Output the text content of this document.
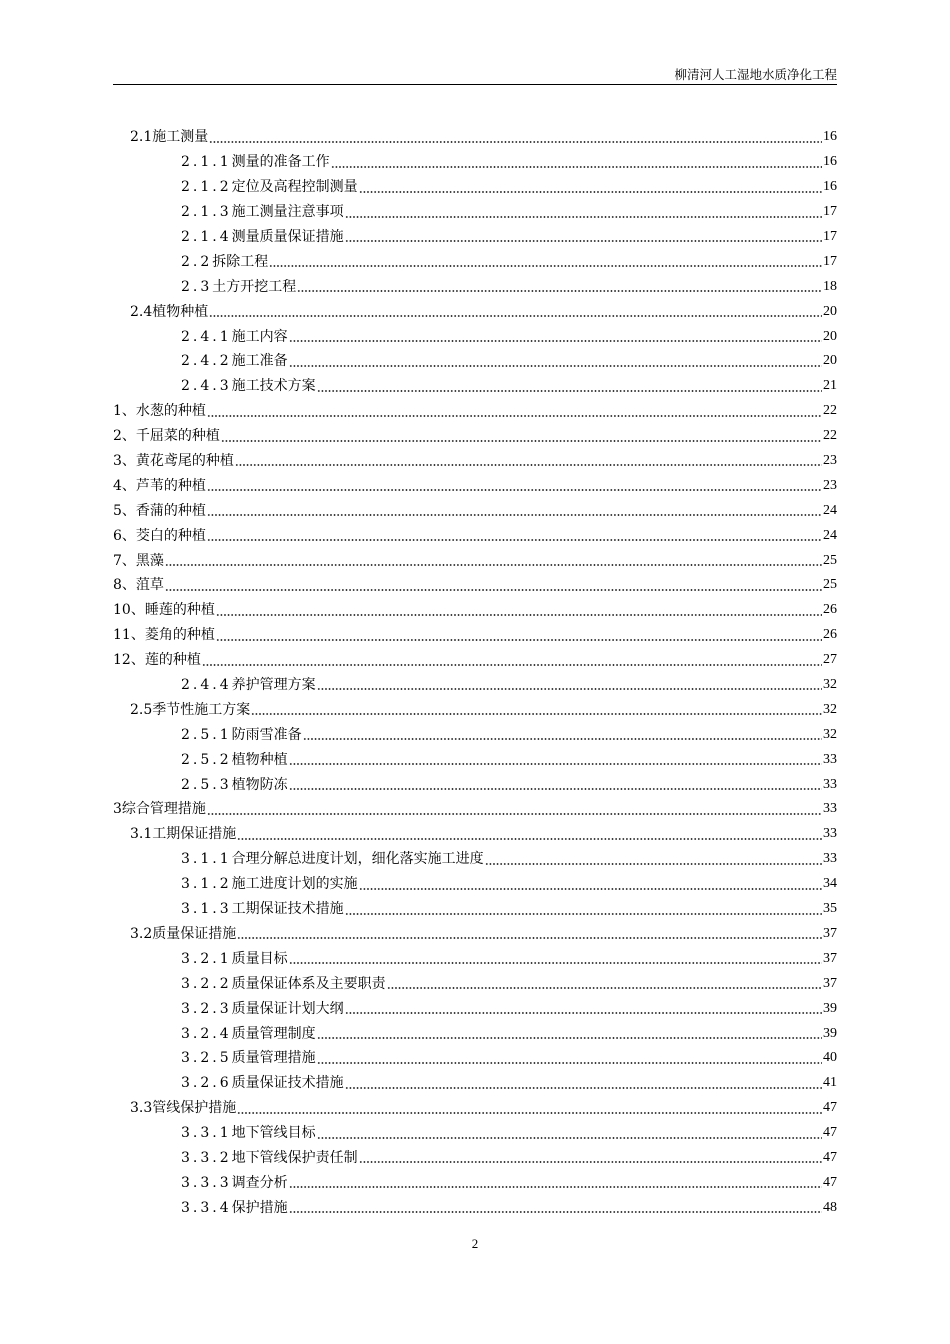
柳清河人工湿地水质净化工程
2.1 施工测量	16
2.1.1 测量的准备工作	16
2.1.2 定位及高程控制测量	16
2.1.3 施工测量注意事项	17
2.1.4 测量质量保证措施	17
2.2 拆除工程	17
2.3 土方开挖工程	18
2.4 植物种植	20
2.4.1 施工内容	20
2.4.2 施工准备	20
2.4.3 施工技术方案	21
1、 水葱的种植	22
2、 千屈菜的种植	22
3、 黄花鸢尾的种植	23
4、 芦苇的种植	23
5、 香蒲的种植	24
6、 茭白的种植	24
7、 黑藻	25
8、 菹草	25
10、 睡莲的种植	26
11、 菱角的种植	26
12、 莲的种植	27
2.4.4 养护管理方案	32
2.5 季节性施工方案	32
2.5.1 防雨雪准备	32
2.5.2 植物种植	33
2.5.3 植物防冻	33
3 综合管理措施	33
3.1 工期保证措施	33
3.1.1 合理分解总进度计划，细化落实施工进度	33
3.1.2 施工进度计划的实施	34
3.1.3 工期保证技术措施	35
3.2 质量保证措施	37
3.2.1 质量目标	37
3.2.2 质量保证体系及主要职责	37
3.2.3 质量保证计划大纲	39
3.2.4 质量管理制度	39
3.2.5 质量管理措施	40
3.2.6 质量保证技术措施	41
3.3 管线保护措施	47
3.3.1 地下管线目标	47
3.3.2 地下管线保护责任制	47
3.3.3 调查分析	47
3.3.4 保护措施	48
2
